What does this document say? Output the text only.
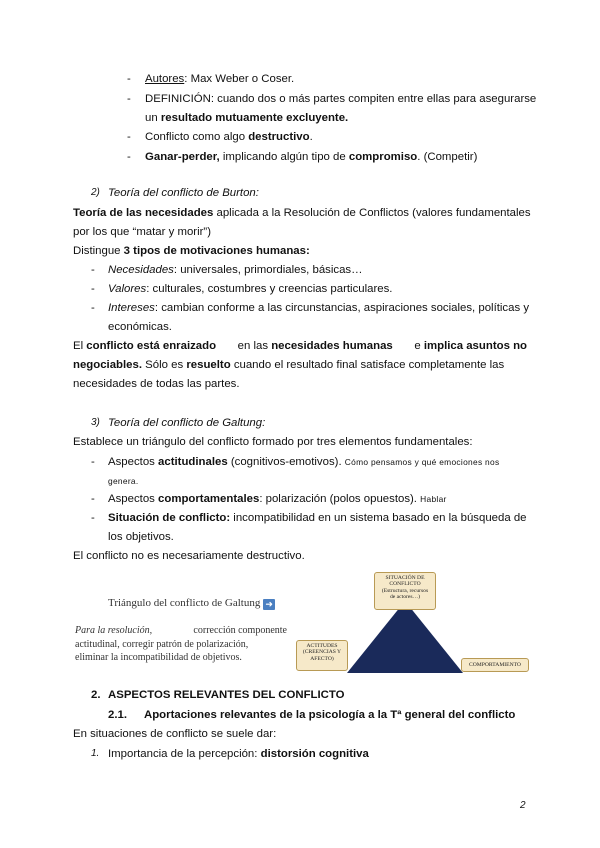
- Autores: Max Weber o Coser.
- DEFINICIÓN: cuando dos o más partes compiten entre ellas para asegurarse
un resultado mutuamente excluyente.
- Conflicto como algo destructivo.
- Ganar-perder, implicando algún tipo de compromiso. (Competir)
2) Teoría del conflicto de Burton:
Teoría de las necesidades aplicada a la Resolución de Conflictos (valores fundamentales
por los que “matar y morir”)
Distingue 3 tipos de motivaciones humanas:
- Necesidades: universales, primordiales, básicas…
- Valores: culturales, costumbres y creencias particulares.
- Intereses: cambian conforme a las circunstancias, aspiraciones sociales, políticas y
económicas.
El conflicto está enraizado en las necesidades humanas e implica asuntos no
negociables. Sólo es resuelto cuando el resultado final satisface completamente las
necesidades de todas las partes.
3) Teoría del conflicto de Galtung:
Establece un triángulo del conflicto formado por tres elementos fundamentales:
- Aspectos actitudinales (cognitivos-emotivos). Cómo pensamos y qué emociones nos
genera.
- Aspectos comportamentales: polarización (polos opuestos). Hablar
- Situación de conflicto: incompatibilidad en un sistema basado en la búsqueda de
los objetivos.
El conflicto no es necesariamente destructivo.
Triángulo del conflicto de Galtung ➜
Para la resolución,	corrección componente
actitudinal, corregir patrón de polarización,
eliminar la incompatibilidad de objetivos.
SITUACIÓN DE
CONFLICTO
(Estructura, recursos
de actores…)
ACTITUDES
(CREENCIAS Y
AFECTO)
COMPORTAMIENTO
2. ASPECTOS RELEVANTES DEL CONFLICTO
2.1. Aportaciones relevantes de la psicología a la Tª general del conflicto
En situaciones de conflicto se suele dar:
1. Importancia de la percepción: distorsión cognitiva
2
